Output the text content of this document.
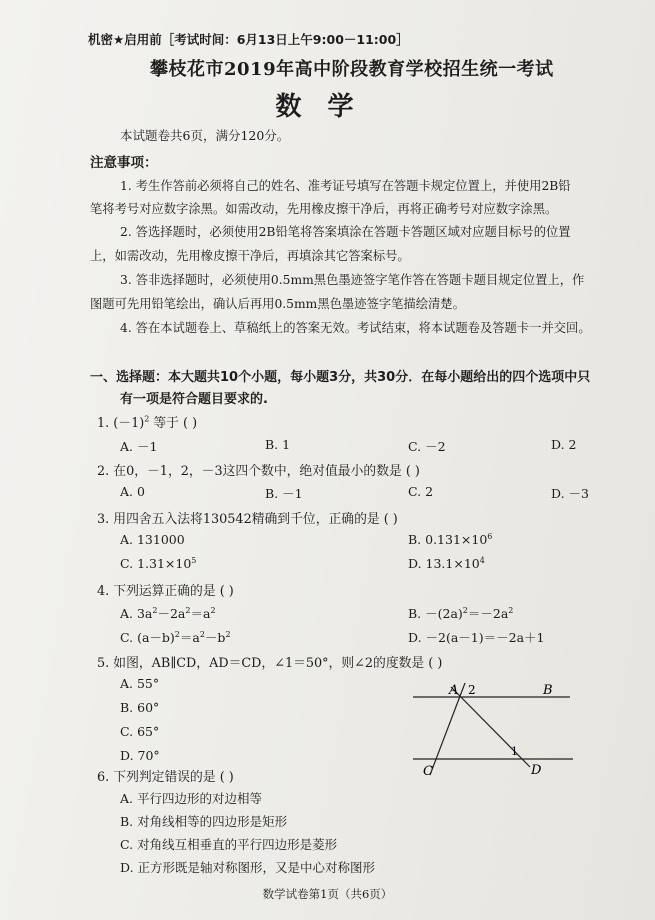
机密★启用前［考试时间：6月13日上午9:00－11:00］
攀枝花市2019年高中阶段教育学校招生统一考试
数学
本试题卷共6页，满分120分。
注意事项：
1. 考生作答前必须将自己的姓名、准考证号填写在答题卡规定位置上，并使用2B铅
笔将考号对应数字涂黑。如需改动，先用橡皮擦干净后，再将正确考号对应数字涂黑。
2. 答选择题时，必须使用2B铅笔将答案填涂在答题卡答题区域对应题目标号的位置
上，如需改动，先用橡皮擦干净后，再填涂其它答案标号。
3. 答非选择题时，必须使用0.5mm黑色墨迹签字笔作答在答题卡题目规定位置上，作
图题可先用铅笔绘出，确认后再用0.5mm黑色墨迹签字笔描绘清楚。
4. 答在本试题卷上、草稿纸上的答案无效。考试结束，将本试题卷及答题卡一并交回。
一、选择题：本大题共10个小题，每小题3分，共30分．在每小题给出的四个选项中只
有一项是符合题目要求的.
1. $(-1)^2$ 等于 ( )
A. －1	B. 1	C. －2	D. 2
2. 在0，－1，2，－3这四个数中，绝对值最小的数是 ( )
A. 0	B. －1	C. 2	D. －3
3. 用四舍五入法将130542精确到千位，正确的是 ( )
A. 131000	B. $0.131\times 10^6$
C. $1.31\times 10^5$	D. $13.1\times 10^4$
4. 下列运算正确的是 ( )
A. $3a^2-2a^2=a^2$	B. $-(2a)^2=-2a^2$
C. $(a-b)^2=a^2-b^2$	D. －2(a－1)＝－2a＋1
5. 如图，AB∥CD，AD＝CD，∠1＝50°，则∠2的度数是 ( )
A. 55°
B. 60°
C. 65°
D. 70°
A 2	B
C
1
D
6. 下列判定错误的是 ( )
A. 平行四边形的对边相等
B. 对角线相等的四边形是矩形
C. 对角线互相垂直的平行四边形是菱形
D. 正方形既是轴对称图形，又是中心对称图形
数学试卷第1页（共6页）
